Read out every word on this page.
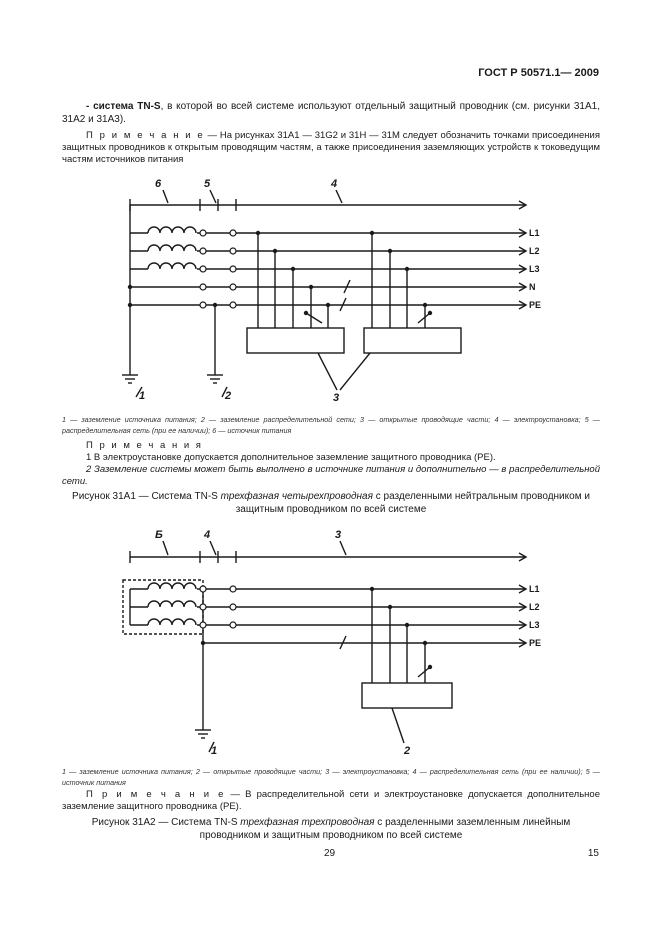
ГОСТ Р 50571.1— 2009
- система TN-S, в которой во всей системе используют отдельный защитный проводник (см. рисунки 31А1, 31А2 и 31А3).
П р и м е ч а н и е — На рисунках 31А1 — 31G2 и 31Н — 31М следует обозначить точками присоединения защитных проводников к открытым проводящим частям, а также присоединения заземляющих устройств к токоведущим частям источников питания
6	5	4
1	2	3
L1
L2
L3
N
PE
1 — заземление источника питания; 2 — заземление распределительной сети; 3 — открытые проводящие части; 4 — электроустановка; 5 — распределительная сеть (при ее наличии); 6 — источник питания
П р и м е ч а н и я
1 В электроустановке допускается дополнительное заземление защитного проводника (РЕ).
2 Заземление системы может быть выполнено в источнике питания и дополнительно — в распределительной сети.
Рисунок 31А1 — Система TN-S трехфазная четырехпроводная с разделенными нейтральным проводником и защитным проводником по всей системе
Б	4	3
1	2
L1
L2
L3
PE
1 — заземление источника питания; 2 — открытые проводящие части; 3 — электроустановка; 4 — распределительная сеть (при ее наличии); 5 — источник питания
П р и м е ч а н и е — В распределительной сети и электроустановке допускается дополнительное заземление защитного проводника (РЕ).
Рисунок 31А2 — Система TN-S трехфазная трехпроводная с разделенными заземленным линейным проводником и защитным проводником по всей системе
29	15
